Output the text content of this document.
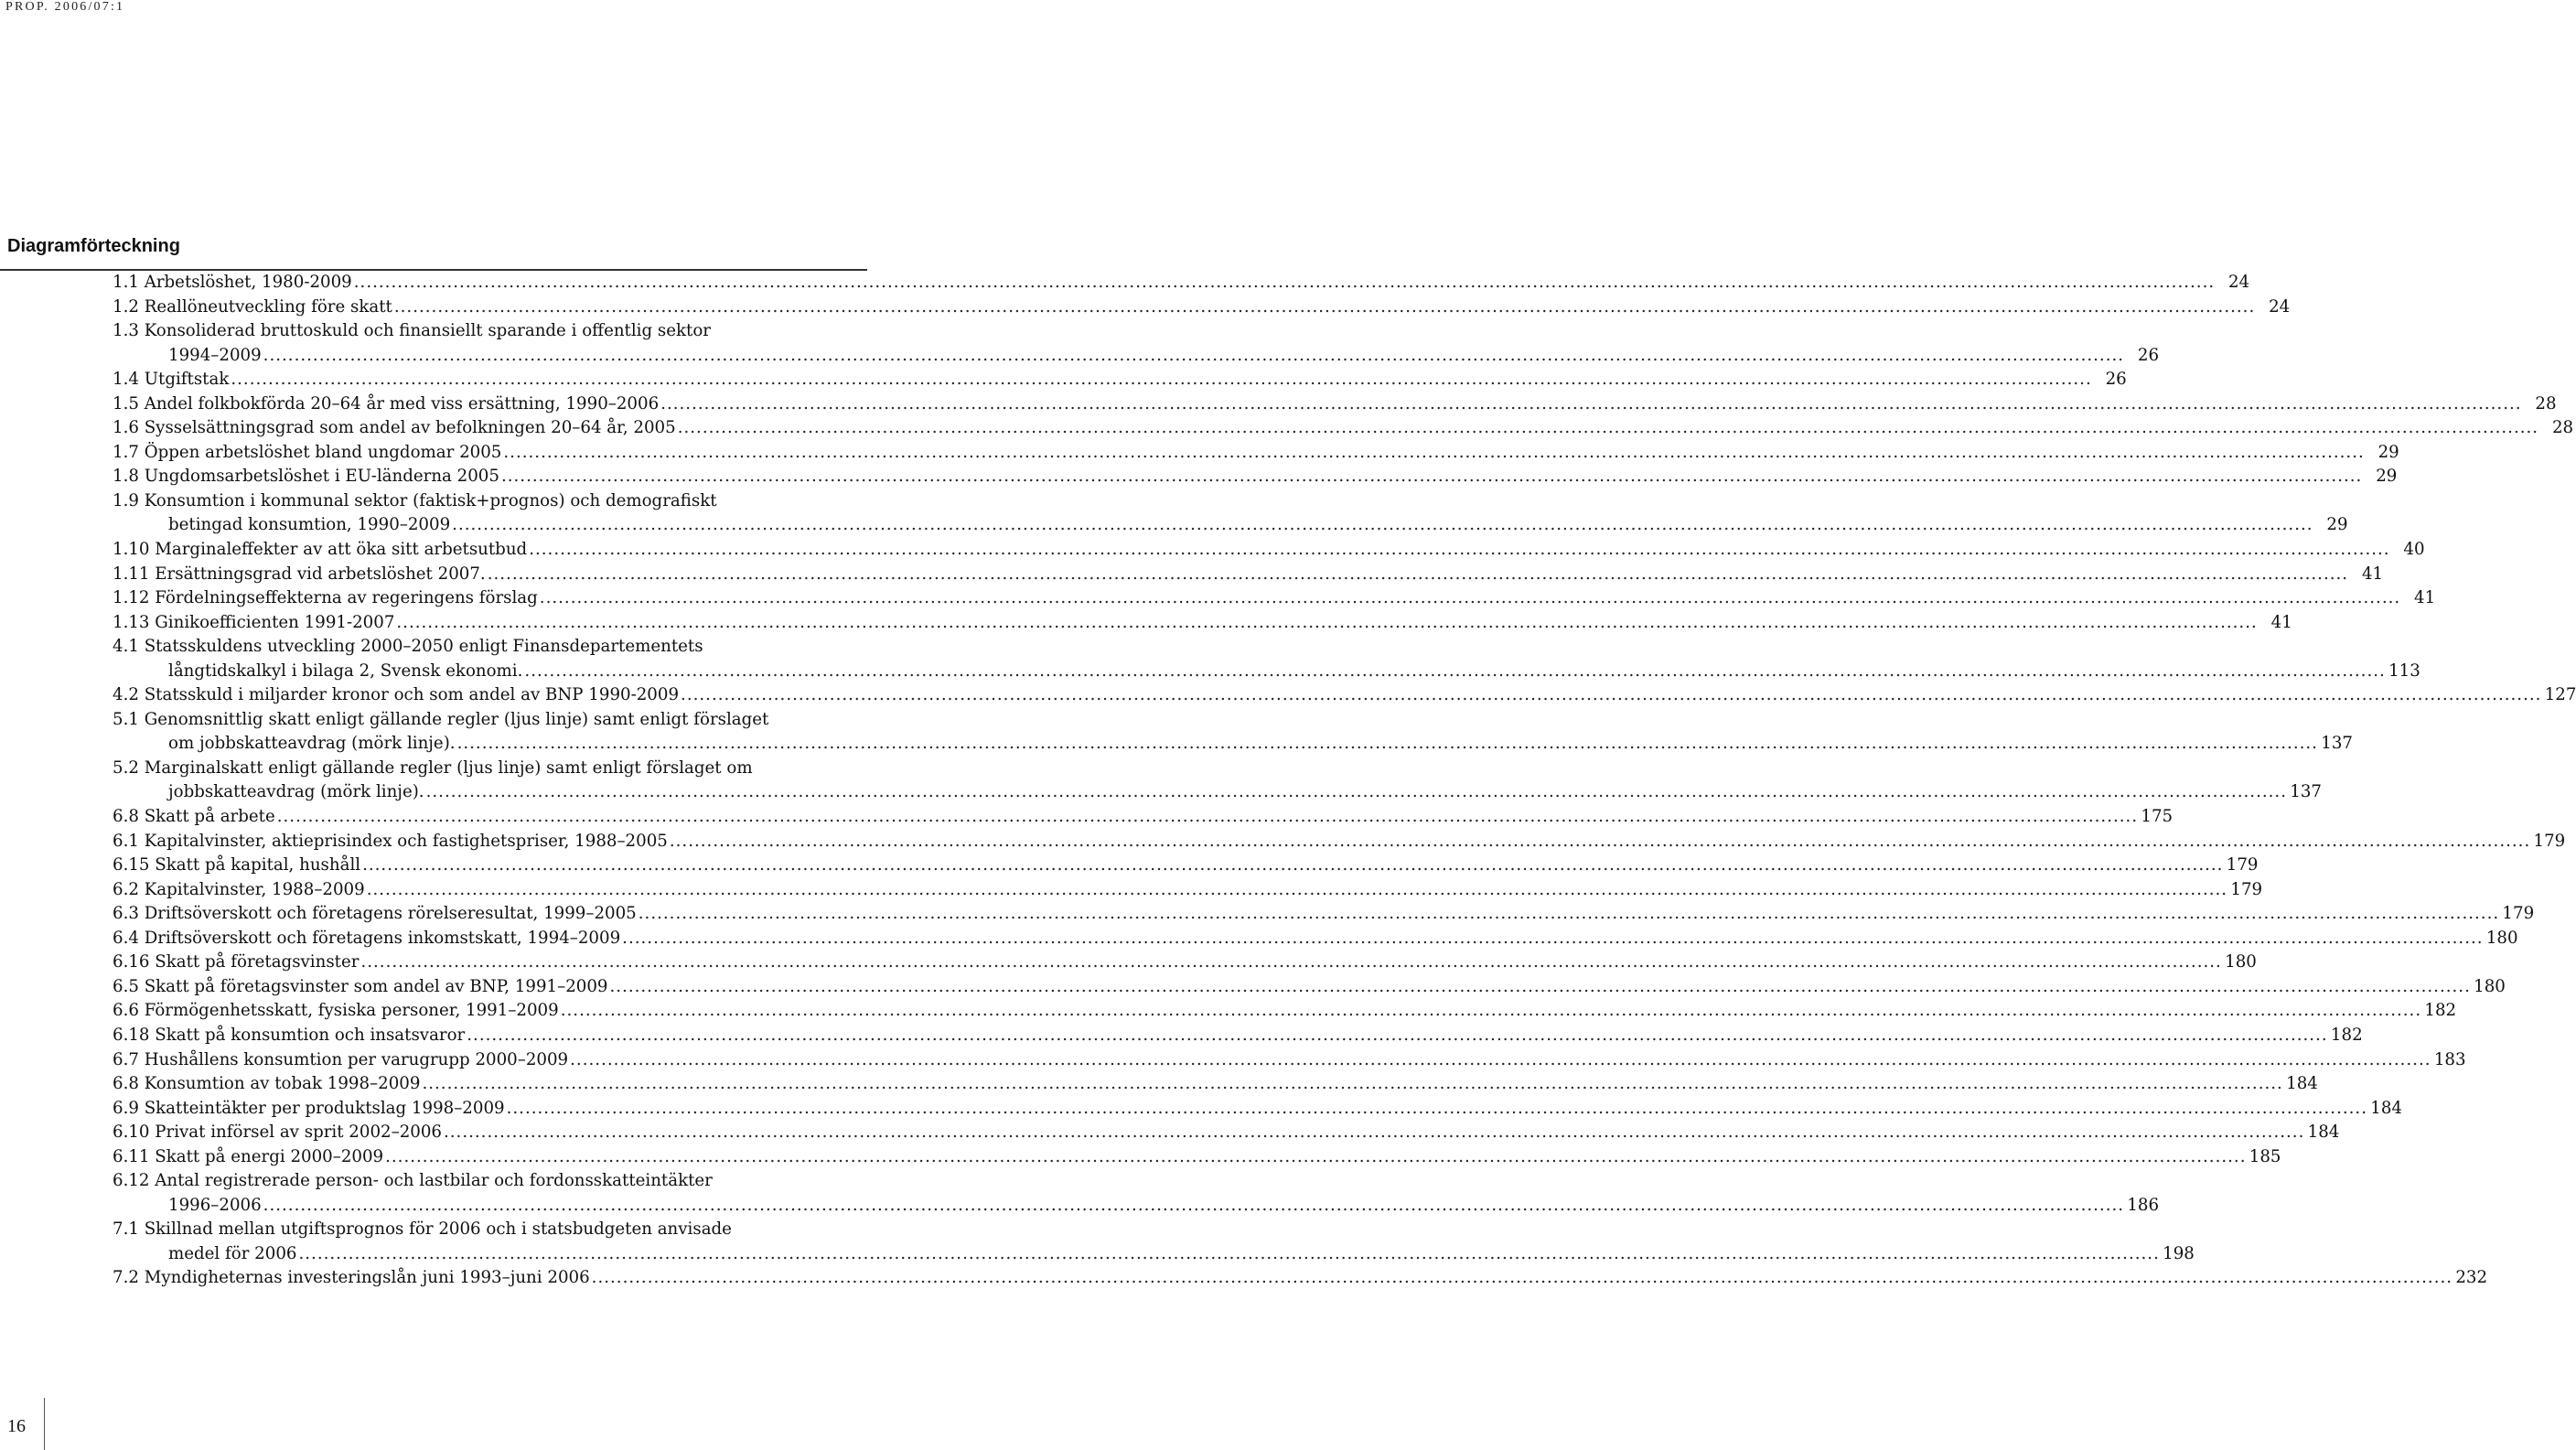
PROP. 2006/07:1
Diagramförteckning
1.1 Arbetslöshet, 1980-2009 ............................................................................................................................................................................................................................................................................................................ 24
1.2 Reallöneutveckling före skatt ............................................................................................................................................................................................................................................................................................................ 24
1.3 Konsoliderad bruttoskuld och finansiellt sparande i offentlig sektor
1994–2009 ............................................................................................................................................................................................................................................................................................................ 26
1.4 Utgiftstak ............................................................................................................................................................................................................................................................................................................ 26
1.5 Andel folkbokförda 20–64 år med viss ersättning, 1990–2006 ............................................................................................................................................................................................................................................................................................................ 28
1.6 Sysselsättningsgrad som andel av befolkningen 20–64 år, 2005 ............................................................................................................................................................................................................................................................................................................ 28
1.7 Öppen arbetslöshet bland ungdomar 2005 ............................................................................................................................................................................................................................................................................................................ 29
1.8 Ungdomsarbetslöshet i EU-länderna 2005 ............................................................................................................................................................................................................................................................................................................ 29
1.9 Konsumtion i kommunal sektor (faktisk+prognos) och demografiskt
betingad konsumtion, 1990–2009 ............................................................................................................................................................................................................................................................................................................ 29
1.10 Marginaleffekter av att öka sitt arbetsutbud ............................................................................................................................................................................................................................................................................................................ 40
1.11 Ersättningsgrad vid arbetslöshet 2007. ............................................................................................................................................................................................................................................................................................................ 41
1.12 Fördelningseffekterna av regeringens förslag ............................................................................................................................................................................................................................................................................................................ 41
1.13 Ginikoefficienten 1991-2007 ............................................................................................................................................................................................................................................................................................................ 41
4.1 Statsskuldens utveckling 2000–2050 enligt Finansdepartementets
långtidskalkyl i bilaga 2, Svensk ekonomi. ............................................................................................................................................................................................................................................................................................................ 113
4.2 Statsskuld i miljarder kronor och som andel av BNP 1990-2009 ............................................................................................................................................................................................................................................................................................................ 127
5.1 Genomsnittlig skatt enligt gällande regler (ljus linje) samt enligt förslaget
om jobbskatteavdrag (mörk linje). ............................................................................................................................................................................................................................................................................................................ 137
5.2 Marginalskatt enligt gällande regler (ljus linje) samt enligt förslaget om
jobbskatteavdrag (mörk linje). ............................................................................................................................................................................................................................................................................................................ 137
6.8 Skatt på arbete ............................................................................................................................................................................................................................................................................................................ 175
6.1 Kapitalvinster, aktieprisindex och fastighetspriser, 1988–2005 ............................................................................................................................................................................................................................................................................................................ 179
6.15 Skatt på kapital, hushåll ............................................................................................................................................................................................................................................................................................................ 179
6.2 Kapitalvinster, 1988–2009 ............................................................................................................................................................................................................................................................................................................ 179
6.3 Driftsöverskott och företagens rörelseresultat, 1999–2005 ............................................................................................................................................................................................................................................................................................................ 179
6.4 Driftsöverskott och företagens inkomstskatt, 1994–2009 ............................................................................................................................................................................................................................................................................................................ 180
6.16 Skatt på företagsvinster ............................................................................................................................................................................................................................................................................................................ 180
6.5 Skatt på företagsvinster som andel av BNP, 1991–2009 ............................................................................................................................................................................................................................................................................................................ 180
6.6 Förmögenhetsskatt, fysiska personer, 1991–2009 ............................................................................................................................................................................................................................................................................................................ 182
6.18 Skatt på konsumtion och insatsvaror ............................................................................................................................................................................................................................................................................................................ 182
6.7 Hushållens konsumtion per varugrupp 2000–2009 ............................................................................................................................................................................................................................................................................................................ 183
6.8 Konsumtion av tobak 1998–2009 ............................................................................................................................................................................................................................................................................................................ 184
6.9 Skatteintäkter per produktslag 1998–2009 ............................................................................................................................................................................................................................................................................................................ 184
6.10 Privat införsel av sprit 2002–2006 ............................................................................................................................................................................................................................................................................................................ 184
6.11 Skatt på energi 2000–2009 ............................................................................................................................................................................................................................................................................................................ 185
6.12 Antal registrerade person- och lastbilar och fordonsskatteintäkter
1996–2006 ............................................................................................................................................................................................................................................................................................................ 186
7.1 Skillnad mellan utgiftsprognos för 2006 och i statsbudgeten anvisade
medel för 2006 ............................................................................................................................................................................................................................................................................................................ 198
7.2 Myndigheternas investeringslån juni 1993–juni 2006 ............................................................................................................................................................................................................................................................................................................ 232
16
